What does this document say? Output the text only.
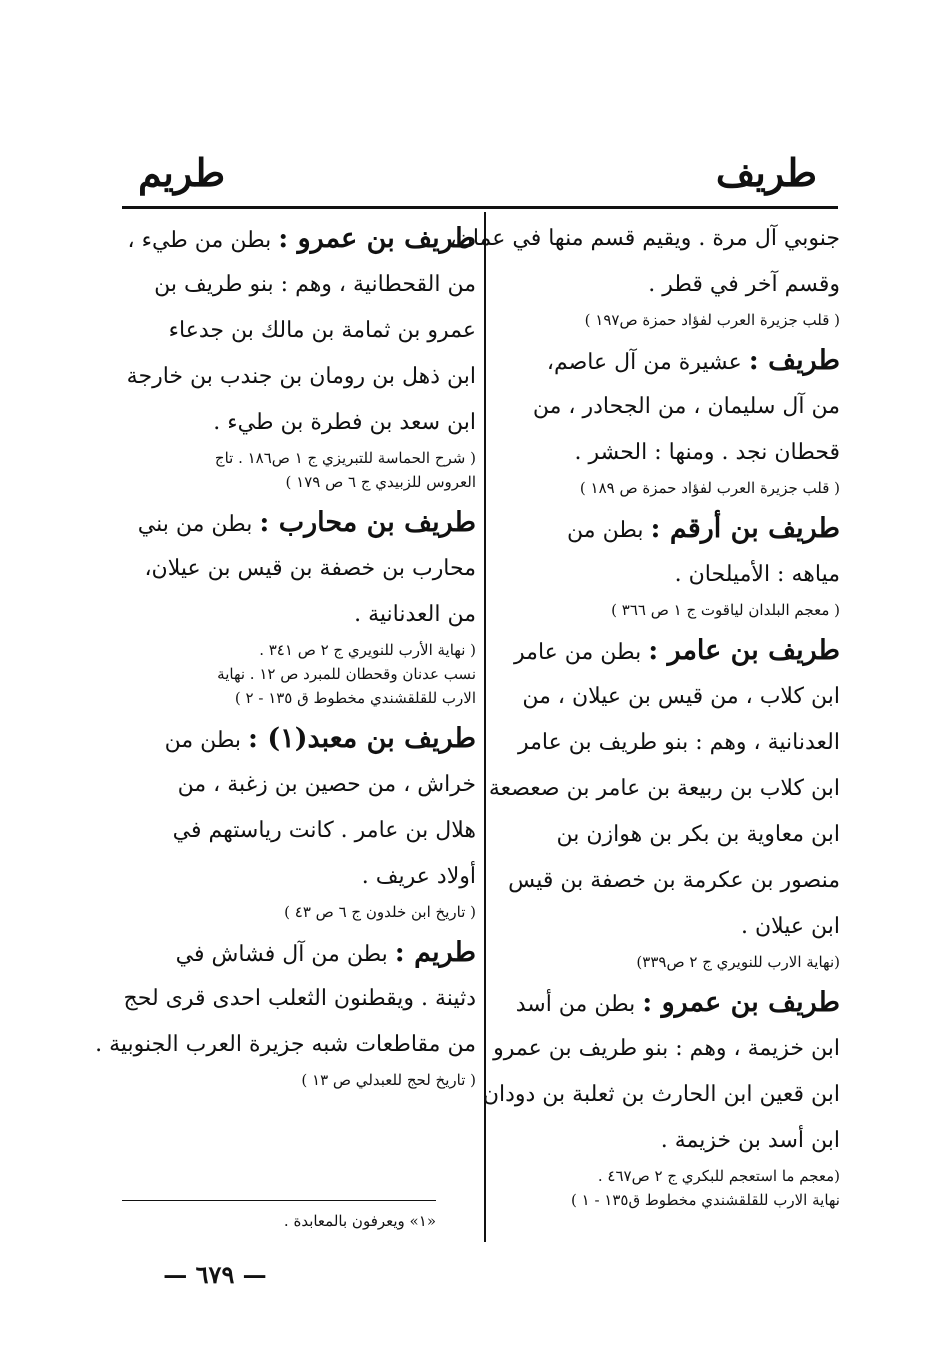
طريف
طريم
جنوبي آل مرة . ويقيم قسم منها في عمان،
وقسم آخر في قطر .
( قلب جزيرة العرب لفؤاد حمزة ص١٩٧ )
طريف : عشيرة من آل عاصم،
من آل سليمان ، من الجحادر ، من
قحطان نجد . ومنها : الحشر .
( قلب جزيرة العرب لفؤاد حمزة ص ١٨٩ )
طريف بن أرقم : بطن من
مياهه : الأميلحان .
( معجم البلدان لياقوت ج ١ ص ٣٦٦ )
طريف بن عامر : بطن من عامر
ابن كلاب ، من قيس بن عيلان ، من
العدنانية ، وهم : بنو طريف بن عامر
ابن كلاب بن ربيعة بن عامر بن صعصعة
ابن معاوية بن بكر بن هوازن بن
منصور بن عكرمة بن خصفة بن قيس
ابن عيلان .
(نهاية الارب للنويري ج ٢ ص٣٣٩)
طريف بن عمرو : بطن من أسد
ابن خزيمة ، وهم : بنو طريف بن عمرو
ابن قعين ابن الحارث بن ثعلبة بن دودان
ابن أسد بن خزيمة .
(معجم ما استعجم للبكري ج ٢ ص٤٦٧ .
نهاية الارب للقلقشندي مخطوط ق١٣٥ - ١ )
طريف بن عمرو : بطن من طيء ،
من القحطانية ، وهم : بنو طريف بن
عمرو بن ثمامة بن مالك بن جدعاء
ابن ذهل بن رومان بن جندب بن خارجة
ابن سعد بن فطرة بن طيء .
( شرح الحماسة للتبريزي ج ١ ص١٨٦ . تاج
العروس للزبيدي ج ٦ ص ١٧٩ )
طريف بن محارب : بطن من بني
محارب بن خصفة بن قيس بن عيلان،
من العدنانية .
( نهاية الأرب للنويري ج ٢ ص ٣٤١ .
نسب عدنان وقحطان للمبرد ص ١٢ . نهاية
الارب للقلقشندي مخطوط ق ١٣٥ - ٢ )
طريف بن معبد(١) : بطن من
خراش ، من حصين بن زغبة ، من
هلال بن عامر . كانت رياستهم في
أولاد عريف .
( تاريخ ابن خلدون ج ٦ ص ٤٣ )
طريم : بطن من آل فشاش في
دثينة . ويقطنون الثعلب احدى قرى لحج
من مقاطعات شبه جزيرة العرب الجنوبية .
( تاريخ لحج للعبدلي ص ١٣ )
«١» ويعرفون بالمعابدة .
— ٦٧٩ —
